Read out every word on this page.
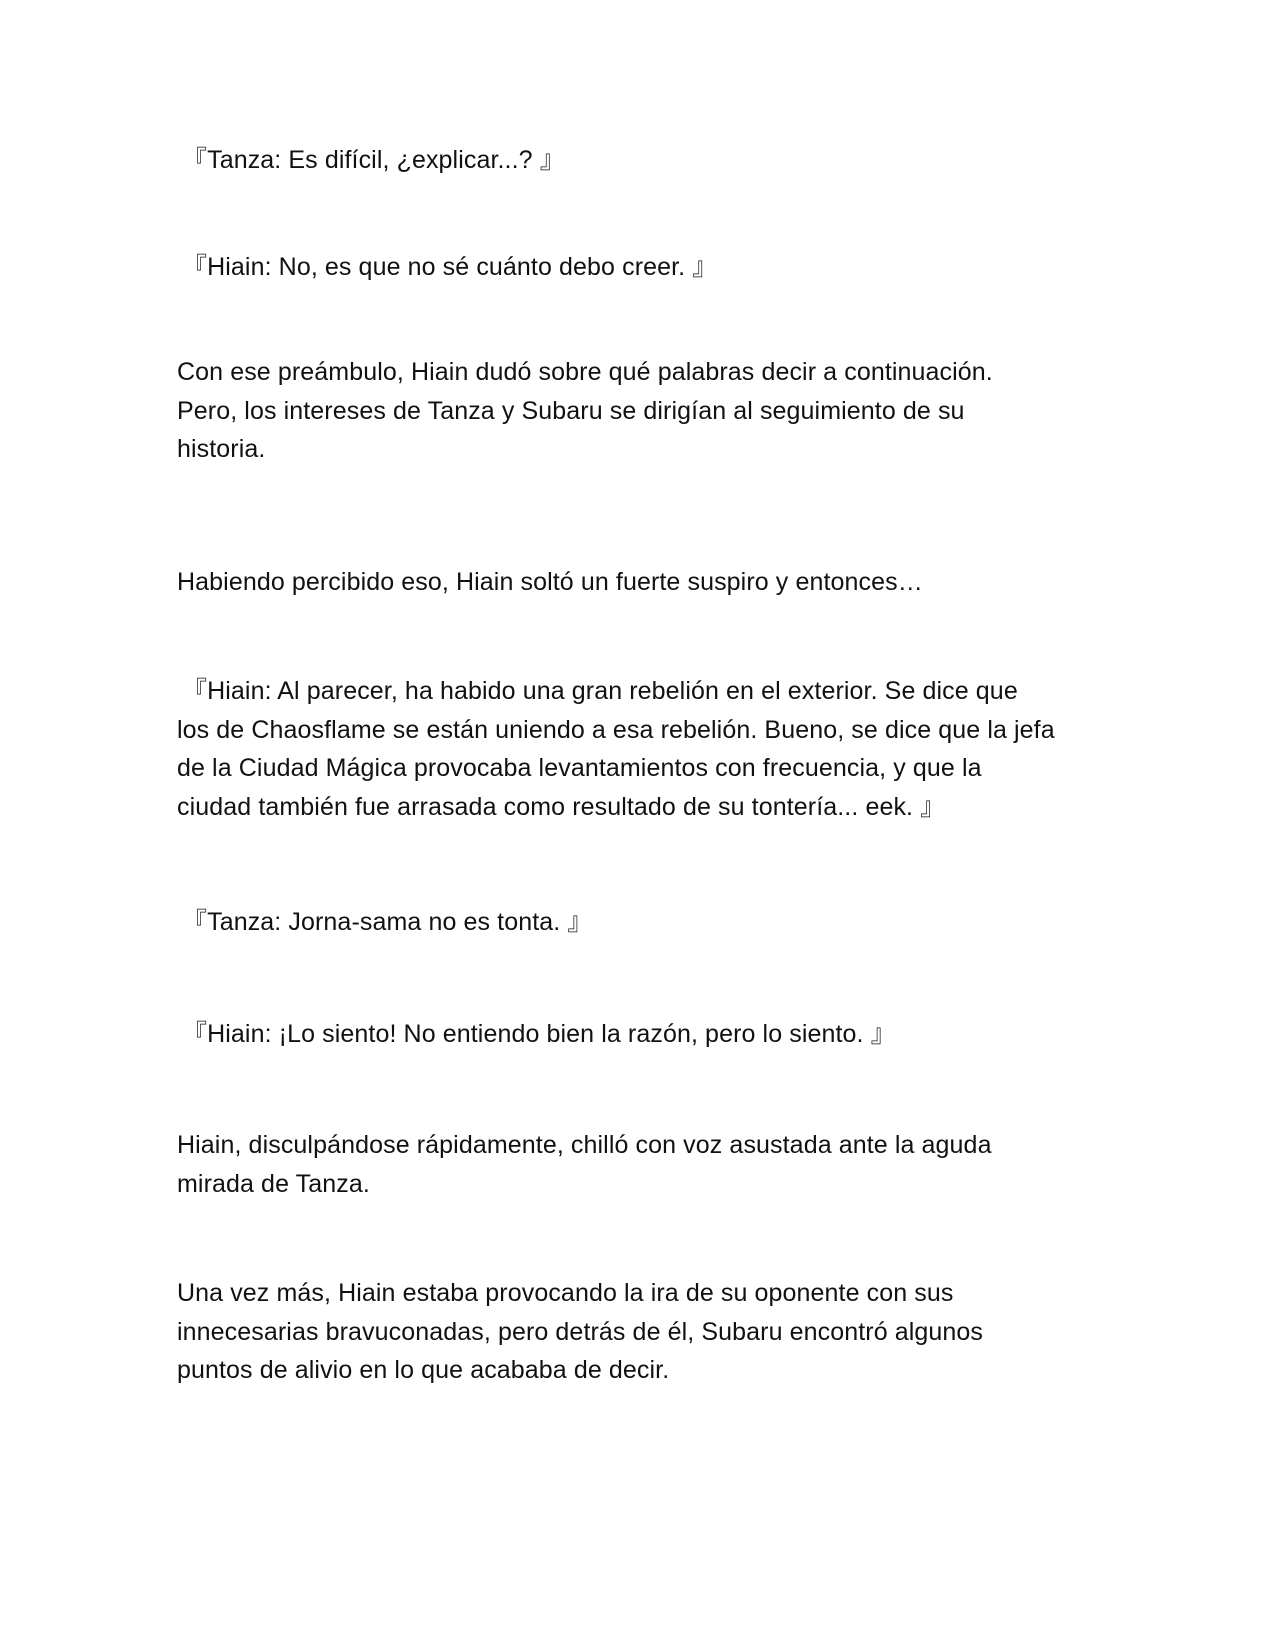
『Tanza: Es difícil, ¿explicar...? 』

『Hiain: No, es que no sé cuánto debo creer. 』

Con ese preámbulo, Hiain dudó sobre qué palabras decir a continuación.
Pero, los intereses de Tanza y Subaru se dirigían al seguimiento de su
historia.

Habiendo percibido eso, Hiain soltó un fuerte suspiro y entonces…

『Hiain: Al parecer, ha habido una gran rebelión en el exterior. Se dice que
los de Chaosflame se están uniendo a esa rebelión. Bueno, se dice que la jefa
de la Ciudad Mágica provocaba levantamientos con frecuencia, y que la
ciudad también fue arrasada como resultado de su tontería... eek. 』

『Tanza: Jorna-sama no es tonta. 』

『Hiain: ¡Lo siento! No entiendo bien la razón, pero lo siento. 』

Hiain, disculpándose rápidamente, chilló con voz asustada ante la aguda
mirada de Tanza.

Una vez más, Hiain estaba provocando la ira de su oponente con sus
innecesarias bravuconadas, pero detrás de él, Subaru encontró algunos
puntos de alivio en lo que acababa de decir.
